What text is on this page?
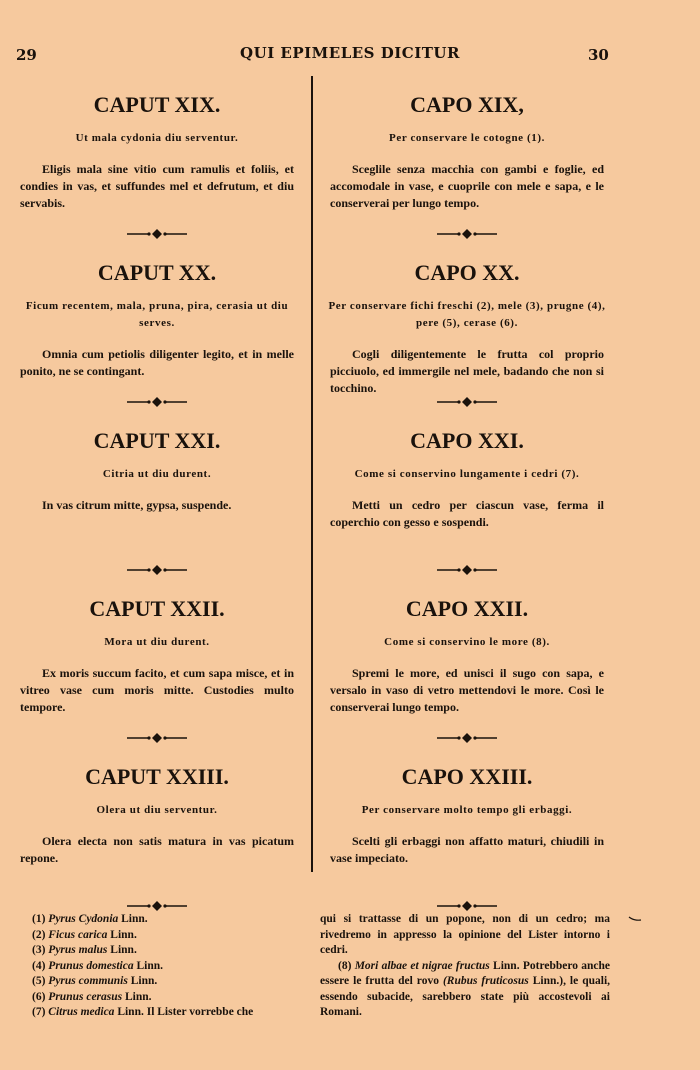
29	QUI EPIMELES DICITUR	30
CAPUT XIX.
Ut mala cydonia diu serventur.
Eligis mala sine vitio cum ramulis et foliis, et condies in vas, et suffundes mel et defrutum, et diu servabis.
CAPUT XX.
Ficum recentem, mala, pruna, pira, cerasia ut diu serves.
Omnia cum petiolis diligenter legito, et in melle ponito, ne se contingant.
CAPUT XXI.
Citria ut diu durent.
In vas citrum mitte, gypsa, suspende.
CAPUT XXII.
Mora ut diu durent.
Ex moris succum facito, et cum sapa misce, et in vitreo vase cum moris mitte. Custodies multo tempore.
CAPUT XXIII.
Olera ut diu serventur.
Olera electa non satis matura in vas picatum repone.
CAPO XIX,
Per conservare le cotogne (1).
Sceglile senza macchia con gambi e foglie, ed accomodale in vase, e cuoprile con mele e sapa, e le conserverai per lungo tempo.
CAPO XX.
Per conservare fichi freschi (2), mele (3), prugne (4), pere (5), cerase (6).
Cogli diligentemente le frutta col proprio picciuolo, ed immergile nel mele, badando che non si tocchino.
CAPO XXI.
Come si conservino lungamente i cedri (7).
Metti un cedro per ciascun vase, ferma il coperchio con gesso e sospendi.
CAPO XXII.
Come si conservino le more (8).
Spremi le more, ed unisci il sugo con sapa, e versalo in vaso di vetro mettendovi le more. Così le conserverai lungo tempo.
CAPO XXIII.
Per conservare molto tempo gli erbaggi.
Scelti gli erbaggi non affatto maturi, chiudili in vase impeciato.
(1) Pyrus Cydonia Linn.
(2) Ficus carica Linn.
(3) Pyrus malus Linn.
(4) Prunus domestica Linn.
(5) Pyrus communis Linn.
(6) Prunus cerasus Linn.
(7) Citrus medica Linn. Il Lister vorrebbe che

qui si trattasse di un popone, non di un cedro; ma rivedremo in appresso la opinione del Lister intorno i cedri.

(8) Mori albae et nigrae fructus Linn. Potrebbero anche essere le frutta del rovo (Rubus fruticosus Linn.), le quali, essendo subacide, sarebbero state più accostevoli ai Romani.
